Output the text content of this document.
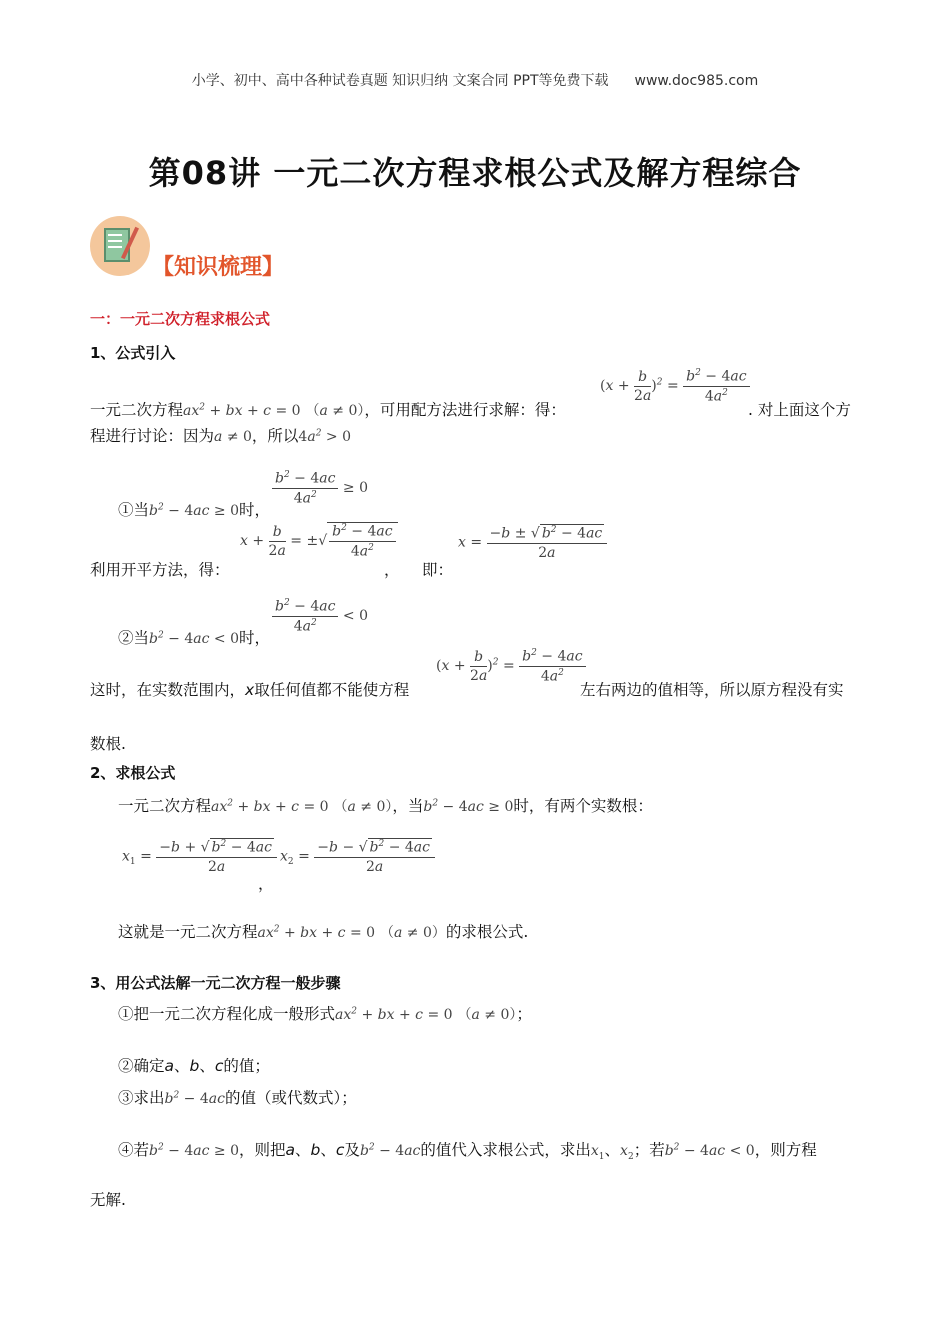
小学、初中、高中各种试卷真题 知识归纳 文案合同 PPT等免费下载 www.doc985.com
第08讲 一元二次方程求根公式及解方程综合
【知识梳理】
一：一元二次方程求根公式
1、公式引入
一元二次方程$ax^2$ + bx + c = 0 （a ≠ 0），可用配方法进行求解：得：
$(x + \frac{b}{2a} )^2 = \frac{b^2 - 4ac}{4a^2}$
. 对上面这个方
程进行讨论：因为a ≠ 0，所以$4a^2 > 0$
①当$b^2 - 4ac \ge 0$时，
$\frac{b^2 - 4ac}{4a^2} \ge 0$
利用开平方法，得：
$x + \frac{b}{2a}$ = ±√ $\frac{b^2 - 4ac}{4a^2}$
， 即：
$x = \frac{-b \pm √ b^2 - 4ac}{2a}$
②当$b^2 - 4ac < 0$时，
$\frac{b^2 - 4ac}{4a^2} < 0$
这时，在实数范围内，x取任何值都不能使方程
$(x + \frac{b}{2a} )^2 = \frac{b^2 - 4ac}{4a^2}$
左右两边的值相等，所以原方程没有实
数根.
2、求根公式
一元二次方程$ax^2$ + bx + c = 0 （a ≠ 0），当$b^2 - 4ac \ge 0$时，有两个实数根：
$x_1 = \frac{-b + √ b^2 - 4ac}{2a}$
，
$x_2 = \frac{-b - √ b^2 - 4ac}{2a}$
这就是一元二次方程$ax^2$ + bx + c = 0 （a ≠ 0）的求根公式.
3、用公式法解一元二次方程一般步骤
①把一元二次方程化成一般形式$ax^2$ + bx + c = 0 （a ≠ 0）；
②确定a、b、c的值；
③求出$b^2 - 4ac$的值（或代数式）；
④若$b^2 - 4ac \ge 0$，则把a、b、c及$b^2 - 4ac$的值代入求根公式，求出$x_1$、$x_2$；若$b^2 - 4ac < 0$，则方程
无解.
